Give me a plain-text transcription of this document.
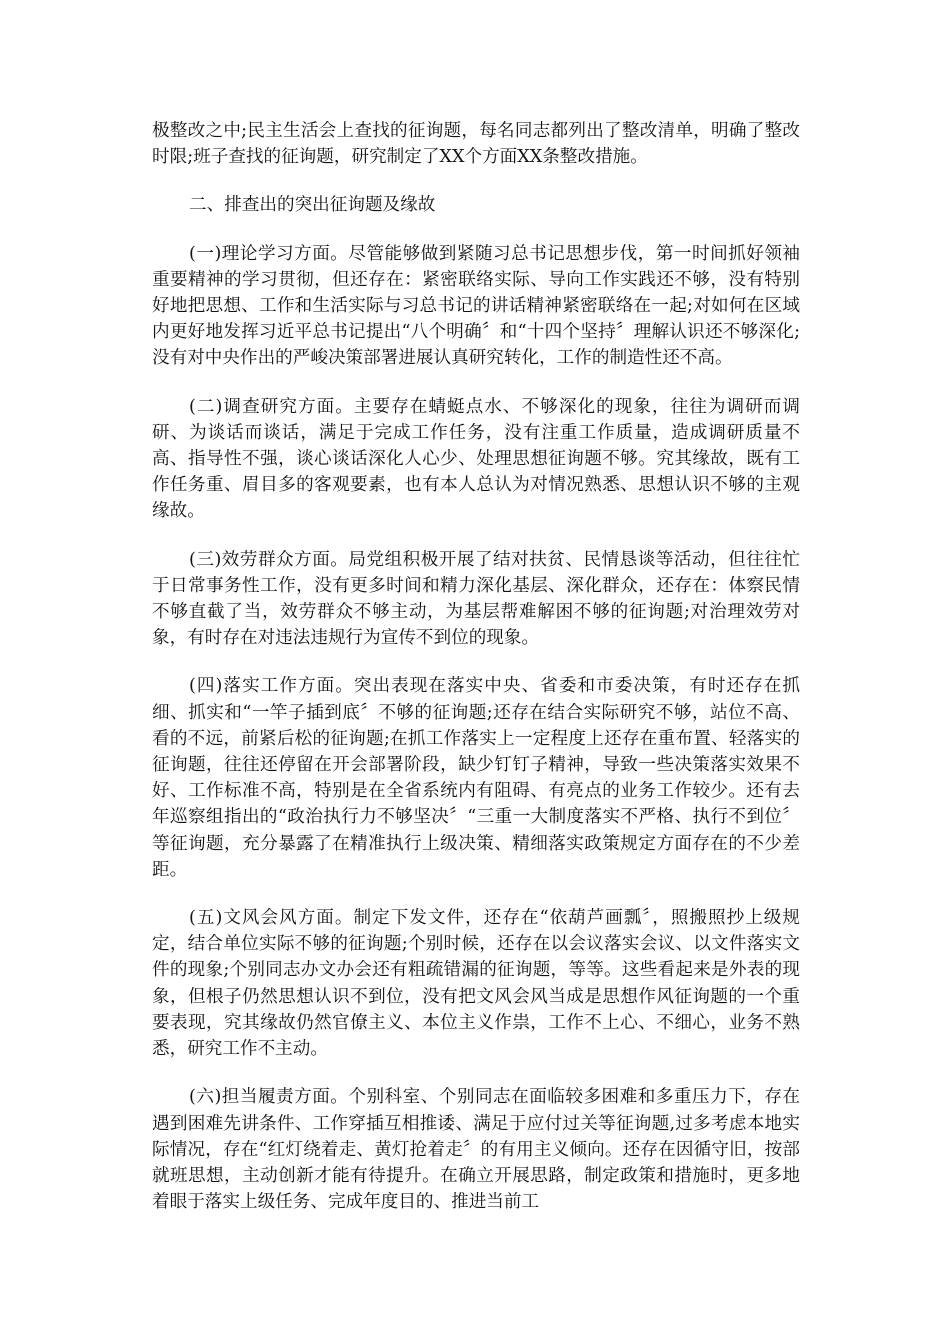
极整改之中;民主生活会上查找的征询题，每名同志都列出了整改清单，明确了整改时限;班子查找的征询题，研究制定了XX个方面XX条整改措施。

二、排查出的突出征询题及缘故

(一)理论学习方面。尽管能够做到紧随习总书记思想步伐，第一时间抓好领袖重要精神的学习贯彻，但还存在：紧密联络实际、导向工作实践还不够，没有特别好地把思想、工作和生活实际与习总书记的讲话精神紧密联络在一起;对如何在区域内更好地发挥习近平总书记提出“八个明确〞和“十四个坚持〞理解认识还不够深化;没有对中央作出的严峻决策部署进展认真研究转化，工作的制造性还不高。

(二)调查研究方面。主要存在蜻蜓点水、不够深化的现象，往往为调研而调研、为谈话而谈话，满足于完成工作任务，没有注重工作质量，造成调研质量不高、指导性不强，谈心谈话深化人心少、处理思想征询题不够。究其缘故，既有工作任务重、眉目多的客观要素，也有本人总认为对情况熟悉、思想认识不够的主观缘故。

(三)效劳群众方面。局党组积极开展了结对扶贫、民情恳谈等活动，但往往忙于日常事务性工作，没有更多时间和精力深化基层、深化群众，还存在：体察民情不够直截了当，效劳群众不够主动，为基层帮难解困不够的征询题;对治理效劳对象，有时存在对违法违规行为宣传不到位的现象。

(四)落实工作方面。突出表现在落实中央、省委和市委决策，有时还存在抓细、抓实和“一竿子插到底〞不够的征询题;还存在结合实际研究不够，站位不高、看的不远，前紧后松的征询题;在抓工作落实上一定程度上还存在重布置、轻落实的征询题，往往还停留在开会部署阶段，缺少钉钉子精神，导致一些决策落实效果不好、工作标准不高，特别是在全省系统内有阻碍、有亮点的业务工作较少。还有去年巡察组指出的“政治执行力不够坚决〞“三重一大制度落实不严格、执行不到位〞等征询题，充分暴露了在精准执行上级决策、精细落实政策规定方面存在的不少差距。

(五)文风会风方面。制定下发文件，还存在“依葫芦画瓢〞，照搬照抄上级规定，结合单位实际不够的征询题;个别时候，还存在以会议落实会议、以文件落实文件的现象;个别同志办文办会还有粗疏错漏的征询题，等等。这些看起来是外表的现象，但根子仍然思想认识不到位，没有把文风会风当成是思想作风征询题的一个重要表现，究其缘故仍然官僚主义、本位主义作祟，工作不上心、不细心，业务不熟悉，研究工作不主动。

(六)担当履责方面。个别科室、个别同志在面临较多困难和多重压力下，存在遇到困难先讲条件、工作穿插互相推诿、满足于应付过关等征询题,过多考虑本地实际情况，存在“红灯绕着走、黄灯抢着走〞的有用主义倾向。还存在因循守旧，按部就班思想，主动创新才能有待提升。在确立开展思路，制定政策和措施时，更多地着眼于落实上级任务、完成年度目的、推进当前工
